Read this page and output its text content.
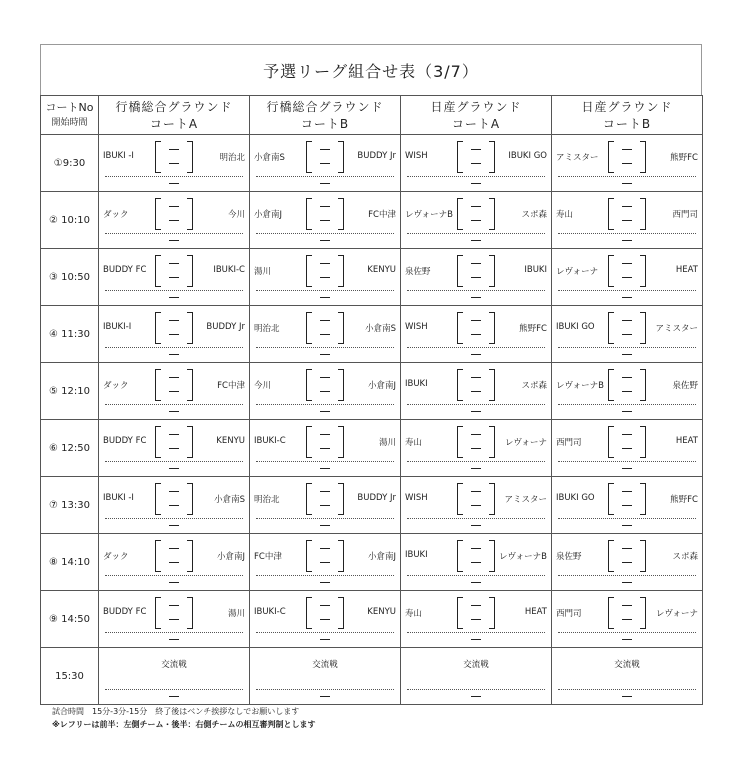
予選リーグ組合せ表（3/7）
コートNo	行橋総合グラウンド	行橋総合グラウンド	日産グラウンド	日産グラウンド
開始時間	コートA	コートB	コートA	コートB
①9:30	IBUKI -I 明治北	小倉南S BUDDY Jr	WISH IBUKI GO	アミスター 熊野FC

② 10:10	ダック 今川	小倉南J FC中津	レヴォーナB スポ森	寿山 西門司

③ 10:50	BUDDY FC IBUKI-C	湯川 KENYU	泉佐野 IBUKI	レヴォーナ HEAT

④ 11:30	IBUKI-I BUDDY Jr	明治北 小倉南S	WISH 熊野FC	IBUKI GO アミスター

⑤ 12:10	ダック FC中津	今川 小倉南J	IBUKI スポ森	レヴォーナB 泉佐野

⑥ 12:50	BUDDY FC KENYU	IBUKI-C 湯川	寿山 レヴォーナ	西門司 HEAT

⑦ 13:30	IBUKI -I 小倉南S	明治北 BUDDY Jr	WISH アミスター	IBUKI GO 熊野FC

⑧ 14:10	ダック 小倉南J	FC中津 小倉南J	IBUKI レヴォーナB	泉佐野 スポ森

⑨ 14:50	BUDDY FC 湯川	IBUKI-C KENYU	寿山 HEAT	西門司 レヴォーナ

15:30	交流戦	交流戦	交流戦	交流戦
試合時間　15分-3分-15分　終了後はベンチ挨拶なしでお願いします
※レフリーは前半：左側チーム・後半：右側チームの相互審判制とします
